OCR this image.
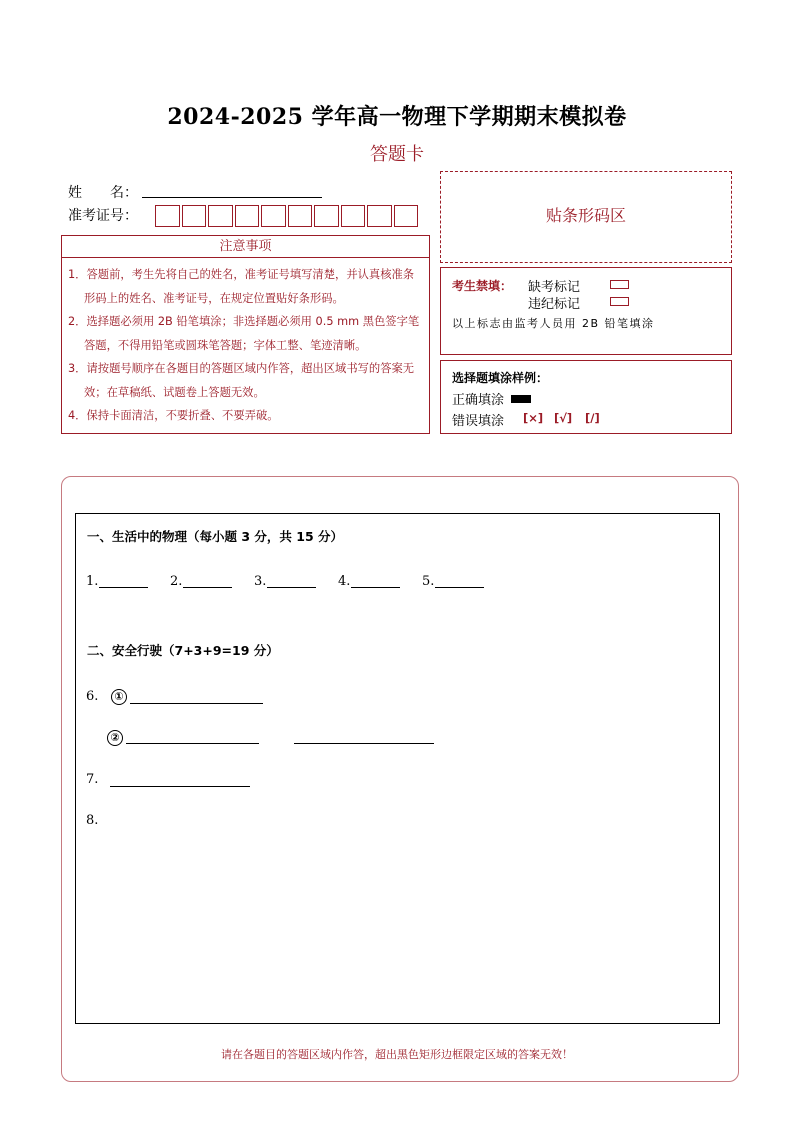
2024-2025 学年高一物理下学期期末模拟卷
答题卡
姓　　名：
准考证号：
注意事项

1．答题前，考生先将自己的姓名，准考证号填写清楚，并认真核准条形码上的姓名、准考证号，在规定位置贴好条形码。

2．选择题必须用 2B 铅笔填涂；非选择题必须用 0.5 mm 黑色签字笔答题，不得用铅笔或圆珠笔答题；字体工整、笔迹清晰。

3．请按题号顺序在各题目的答题区域内作答，超出区域书写的答案无效；在草稿纸、试题卷上答题无效。

4．保持卡面清洁，不要折叠、不要弄破。

贴条形码区
考生禁填： 缺考标记
违纪标记
以上标志由监考人员用 2B 铅笔填涂
选择题填涂样例：
正确填涂
错误填涂 [×] [√] [/]
一、生活中的物理（每小题 3 分，共 15 分）
1.	2.	3.	4.	5.
二、安全行驶（7+3+9=19 分）
6.	①
②
7.
8.
请在各题目的答题区域内作答，超出黑色矩形边框限定区域的答案无效！
